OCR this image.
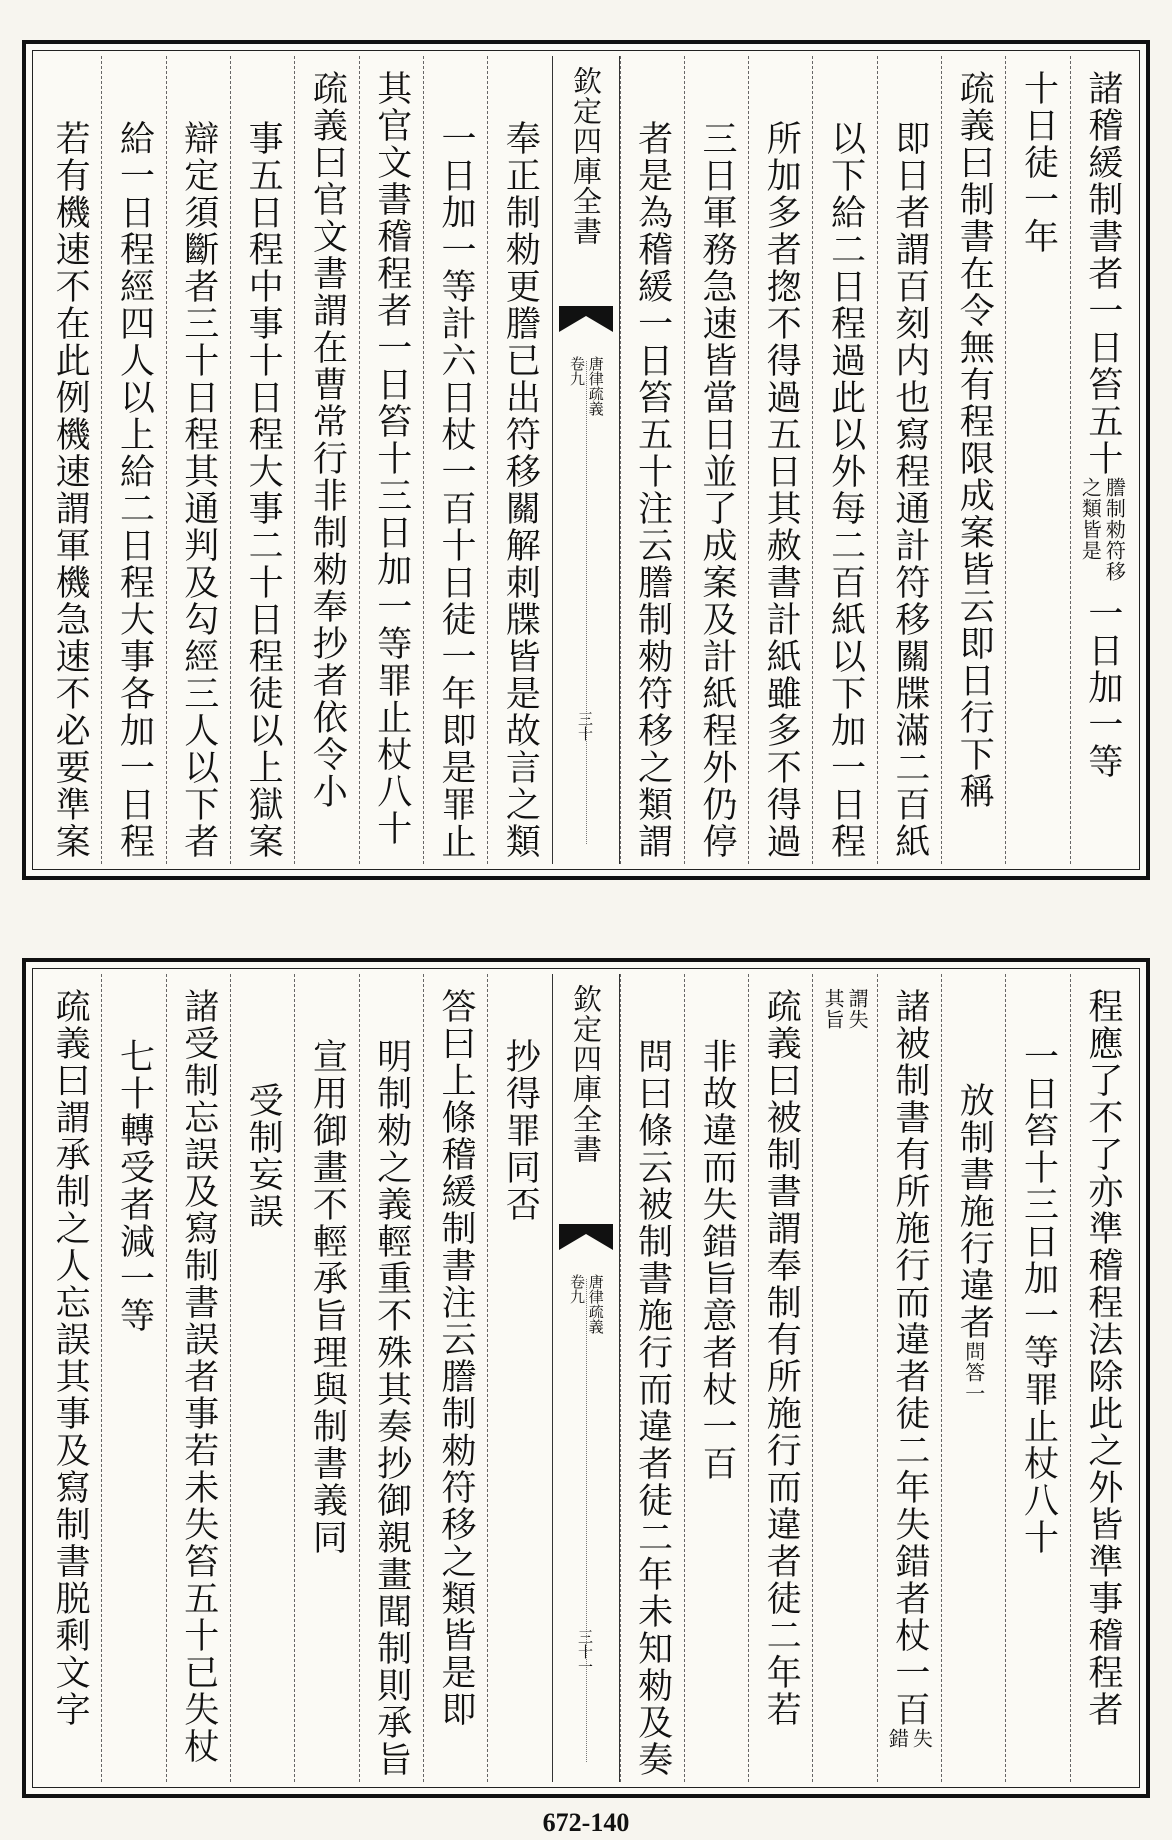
諸稽緩制書者一日笞五十
謄制勑符移
之類皆是
一日加一等
十日徒一年
疏義曰制書在令無有程限成案皆云即日行下稱
即日者謂百刻内也寫程通計符移關牒滿二百紙
以下給二日程過此以外每二百紙以下加一日程
所加多者揔不得過五日其赦書計紙雖多不得過
三日軍務急速皆當日並了成案及計紙程外仍停
者是為稽緩一日笞五十注云謄制勑符移之類謂
欽定四庫全書
唐律疏義
卷九
三十
奉正制勑更謄已出符移關解刺牒皆是故言之類
一日加一等計六日杖一百十日徒一年即是罪止
其官文書稽程者一日笞十三日加一等罪止杖八十
疏義曰官文書謂在曹常行非制勑奉抄者依令小
事五日程中事十日程大事二十日程徒以上獄案
辯定須斷者三十日程其通判及勾經三人以下者
給一日程經四人以上給二日程大事各加一日程
若有機速不在此例機速謂軍機急速不必要準案
程應了不了亦準稽程法除此之外皆準事稽程者
一日笞十三日加一等罪止杖八十
放制書施行違者
問答一
諸被制書有所施行而違者徒二年失錯者杖一百
失
錯
謂失
其旨
疏義曰被制書謂奉制有所施行而違者徒二年若
非故違而失錯旨意者杖一百
問曰條云被制書施行而違者徒二年未知勑及奏
欽定四庫全書
唐律疏義
卷九
三十一
抄得罪同否
答曰上條稽緩制書注云謄制勑符移之類皆是即
明制勑之義輕重不殊其奏抄御親畫聞制則承旨
宣用御畫不輕承旨理與制書義同
受制妄誤
諸受制忘誤及寫制書誤者事若未失笞五十已失杖
七十轉受者減一等
疏義曰謂承制之人忘誤其事及寫制書脱剩文字
672-140
